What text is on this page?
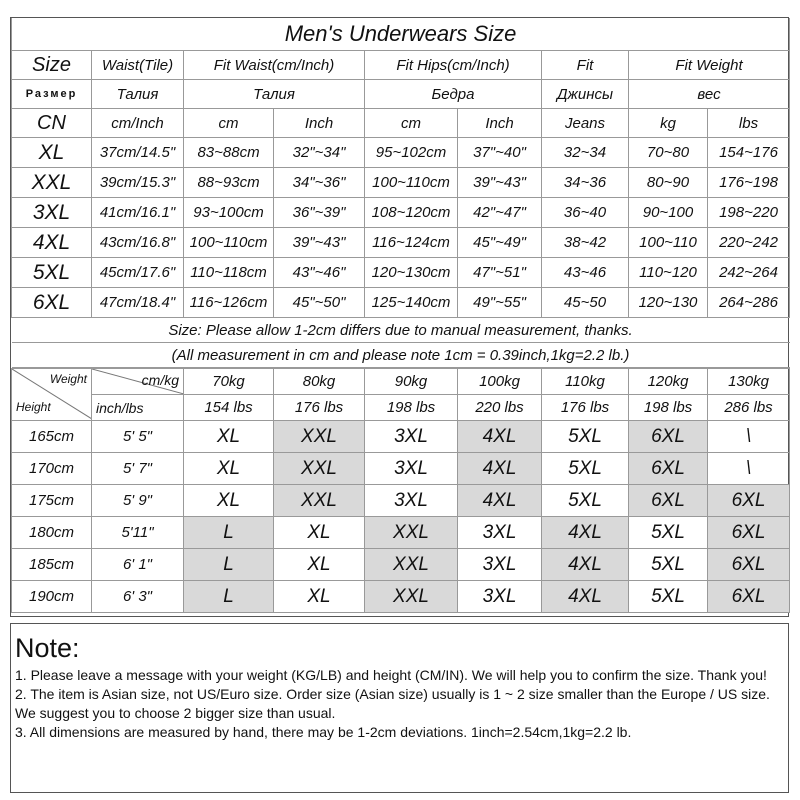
Men's Underwears Size								
Size	Waist(Tile)	Fit Waist(cm/Inch)		Fit Hips(cm/Inch)		Fit	Fit Weight	
Размер	Талия	Талия		Бедра		Джинсы	вес	
CN	cm/Inch	cm	Inch	cm	Inch	Jeans	kg	lbs
XL	37cm/14.5"	83~88cm	32"~34"	95~102cm	37"~40"	32~34	70~80	154~176
XXL	39cm/15.3"	88~93cm	34"~36"	100~110cm	39"~43"	34~36	80~90	176~198
3XL	41cm/16.1"	93~100cm	36"~39"	108~120cm	42"~47"	36~40	90~100	198~220
4XL	43cm/16.8"	100~110cm	39"~43"	116~124cm	45"~49"	38~42	100~110	220~242
5XL	45cm/17.6"	110~118cm	43"~46"	120~130cm	47"~51"	43~46	110~120	242~264
6XL	47cm/18.4"	116~126cm	45"~50"	125~140cm	49"~55"	45~50	120~130	264~286
Size: Please allow 1-2cm differs due to manual measurement, thanks.								
(All measurement in cm and please note 1cm = 0.39inch,1kg=2.2 lb.)								
Weight
Height	cm/kg	70kg	80kg	90kg	100kg	110kg	120kg	130kg
	inch/lbs	154 lbs	176 lbs	198 lbs	220 lbs	176 lbs	198 lbs	286 lbs
165cm	5' 5"	XL	XXL	3XL	4XL	5XL	6XL	\
170cm	5' 7"	XL	XXL	3XL	4XL	5XL	6XL	\
175cm	5' 9"	XL	XXL	3XL	4XL	5XL	6XL	6XL
180cm	5'11"	L	XL	XXL	3XL	4XL	5XL	6XL
185cm	6' 1"	L	XL	XXL	3XL	4XL	5XL	6XL
190cm	6' 3"	L	XL	XXL	3XL	4XL	5XL	6XL

Note:

1. Please leave a message with your weight (KG/LB) and height (CM/IN). We will help you to confirm the size. Thank you!

2. The item is Asian size, not US/Euro size. Order size (Asian size) usually is 1 ~ 2 size smaller than the Europe / US size.

We suggest you to choose 2 bigger size than usual.

3. All dimensions are measured by hand, there may be 1-2cm deviations. 1inch=2.54cm,1kg=2.2 lb.
